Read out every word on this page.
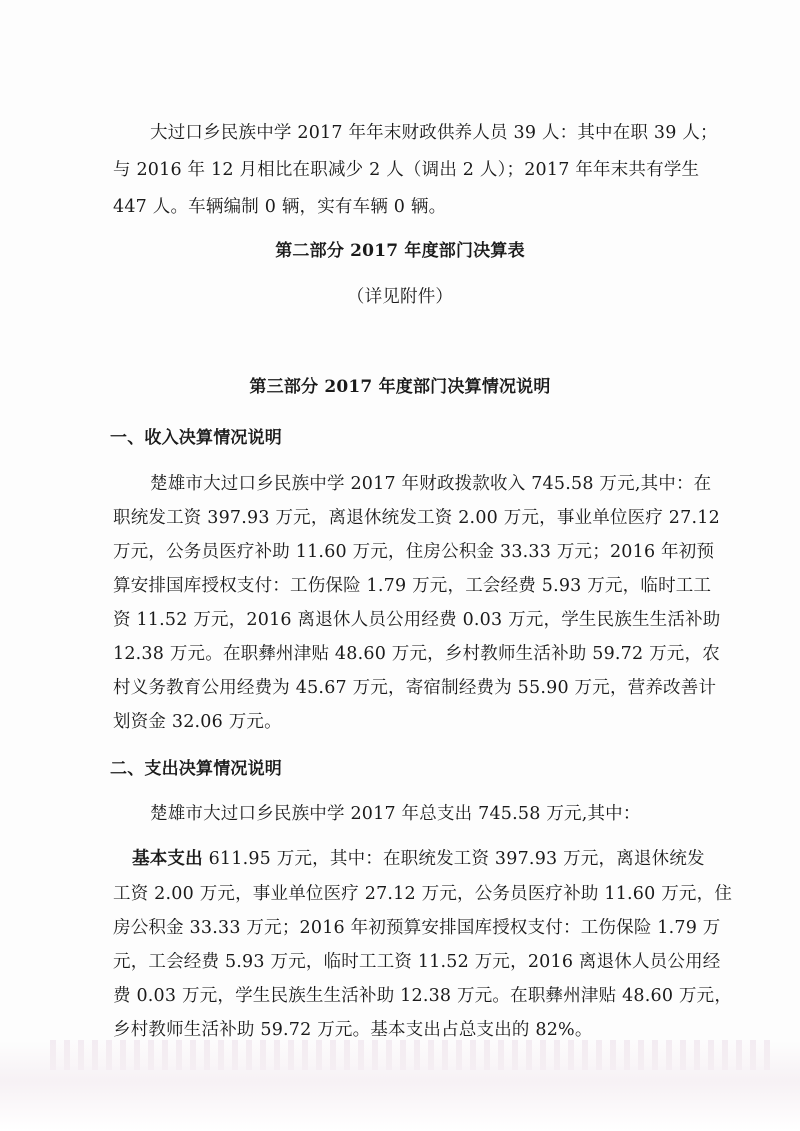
大过口乡民族中学 2017 年年末财政供养人员 39 人：其中在职 39 人；
与 2016 年 12 月相比在职减少 2 人（调出 2 人）；2017 年年末共有学生
447 人。车辆编制 0 辆，实有车辆 0 辆。
第二部分 2017 年度部门决算表
（详见附件）
第三部分 2017 年度部门决算情况说明
一、收入决算情况说明
楚雄市大过口乡民族中学 2017 年财政拨款收入 745.58 万元,其中：在
职统发工资 397.93 万元，离退休统发工资 2.00 万元，事业单位医疗 27.12
万元，公务员医疗补助 11.60 万元，住房公积金 33.33 万元；2016 年初预
算安排国库授权支付：工伤保险 1.79 万元，工会经费 5.93 万元，临时工工
资 11.52 万元，2016 离退休人员公用经费 0.03 万元，学生民族生生活补助
12.38 万元。在职彝州津贴 48.60 万元，乡村教师生活补助 59.72 万元，农
村义务教育公用经费为 45.67 万元，寄宿制经费为 55.90 万元，营养改善计
划资金 32.06 万元。
二、支出决算情况说明
楚雄市大过口乡民族中学 2017 年总支出 745.58 万元,其中：
基本支出 611.95 万元，其中：在职统发工资 397.93 万元，离退休统发
工资 2.00 万元，事业单位医疗 27.12 万元，公务员医疗补助 11.60 万元，住
房公积金 33.33 万元；2016 年初预算安排国库授权支付：工伤保险 1.79 万
元，工会经费 5.93 万元，临时工工资 11.52 万元，2016 离退休人员公用经
费 0.03 万元，学生民族生生活补助 12.38 万元。在职彝州津贴 48.60 万元，
乡村教师生活补助 59.72 万元。基本支出占总支出的 82%。
